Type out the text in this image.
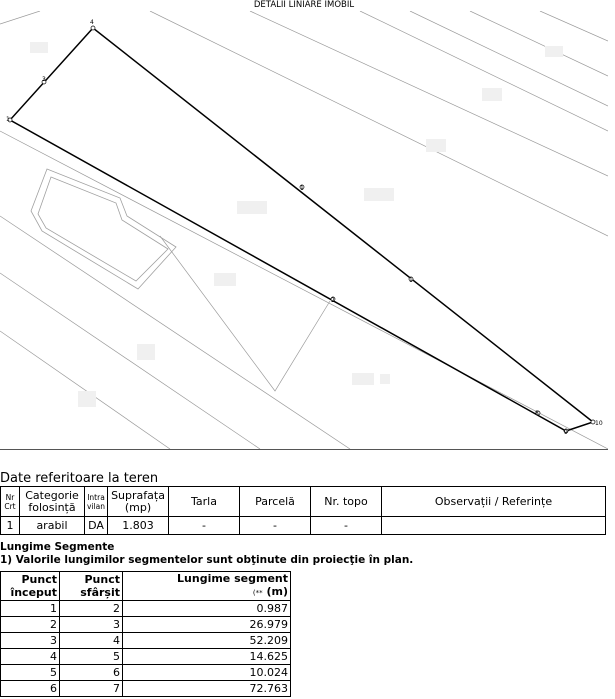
DETALII LINIARE IMOBIL
4
3
1
1
1
2
8
9
10
Date referitoare la teren
Nr Crt	Categorie folosință	Intra vilan	Suprafața (mp)	Tarla	Parcelă	Nr. topo	Observații / Referințe
1	arabil	DA	1.803	-	-	-	
Lungime Segmente
1) Valorile lungimilor segmentelor sunt obţinute din proiecţie în plan.
Punct început	Punct sfârșit	Lungime segment
(** (m)
1	2	0.987
2	3	26.979
3	4	52.209
4	5	14.625
5	6	10.024
6	7	72.763
